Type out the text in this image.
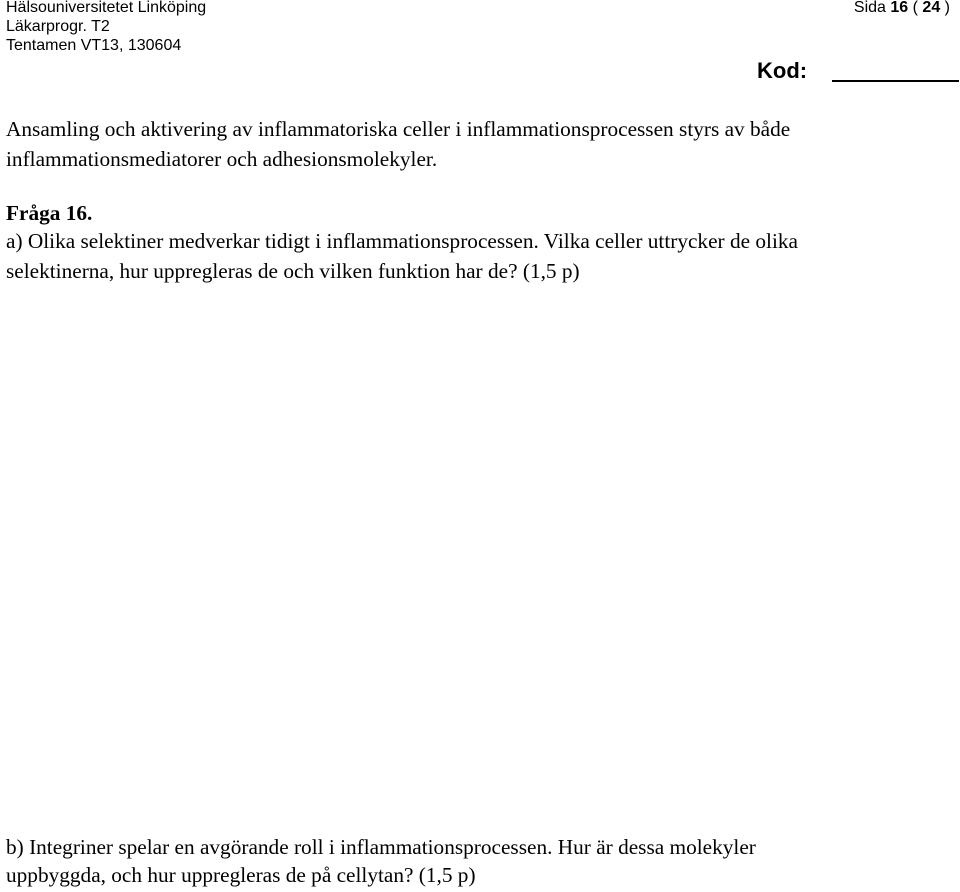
Hälsouniversitetet Linköping
Läkarprogr. T2
Tentamen VT13, 130604
Sida 16 ( 24 )
Kod:
Ansamling och aktivering av inflammatoriska celler i inflammationsprocessen styrs av både
inflammationsmediatorer och adhesionsmolekyler.
Fråga 16.
a) Olika selektiner medverkar tidigt i inflammationsprocessen. Vilka celler uttrycker de olika
selektinerna, hur uppregleras de och vilken funktion har de? (1,5 p)
b) Integriner spelar en avgörande roll i inflammationsprocessen. Hur är dessa molekyler
uppbyggda, och hur uppregleras de på cellytan? (1,5 p)
